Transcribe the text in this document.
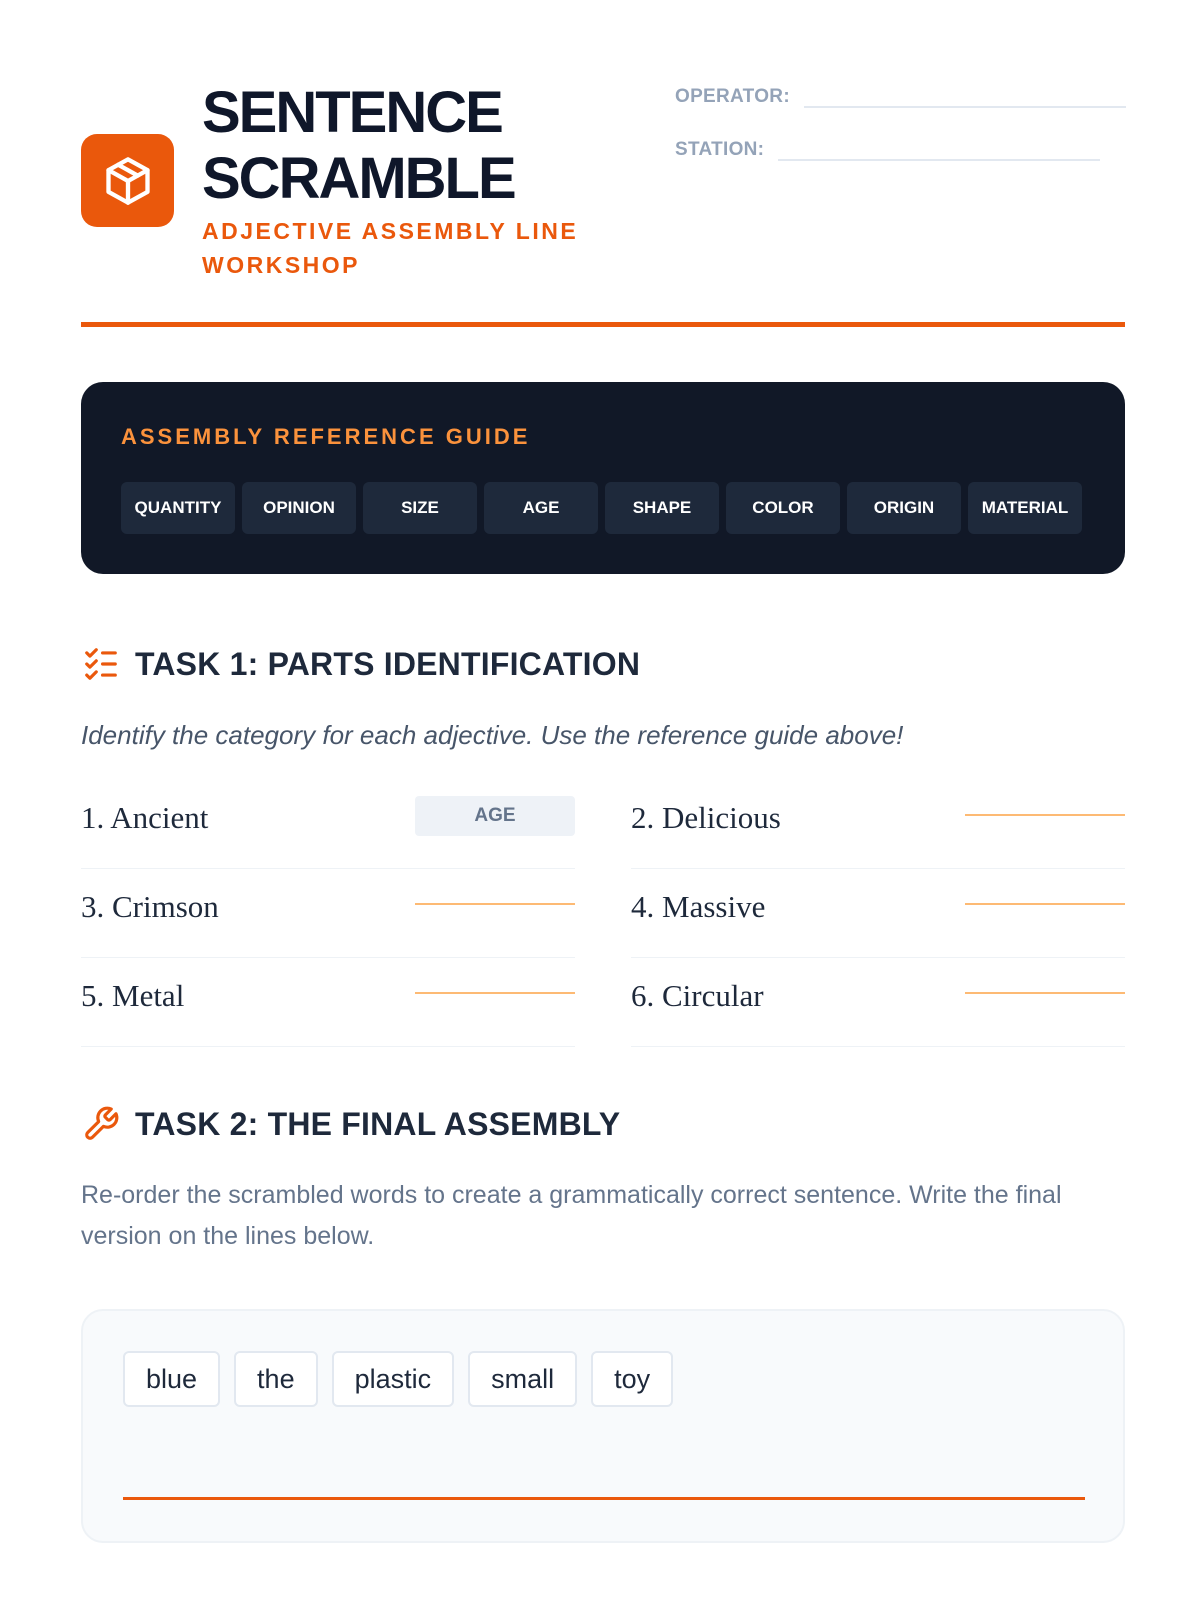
SENTENCE
SCRAMBLE
ADJECTIVE ASSEMBLY LINE WORKSHOP
OPERATOR:
STATION:
ASSEMBLY REFERENCE GUIDE
QUANTITY	OPINION	SIZE	AGE	SHAPE	COLOR	ORIGIN	MATERIAL
TASK 1: PARTS IDENTIFICATION
Identify the category for each adjective. Use the reference guide above!
1. Ancient	AGE	2. Delicious
3. Crimson	4. Massive
5. Metal	6. Circular
TASK 2: THE FINAL ASSEMBLY
Re-order the scrambled words to create a grammatically correct sentence. Write the final version on the lines below.
blue	the	plastic	small	toy
